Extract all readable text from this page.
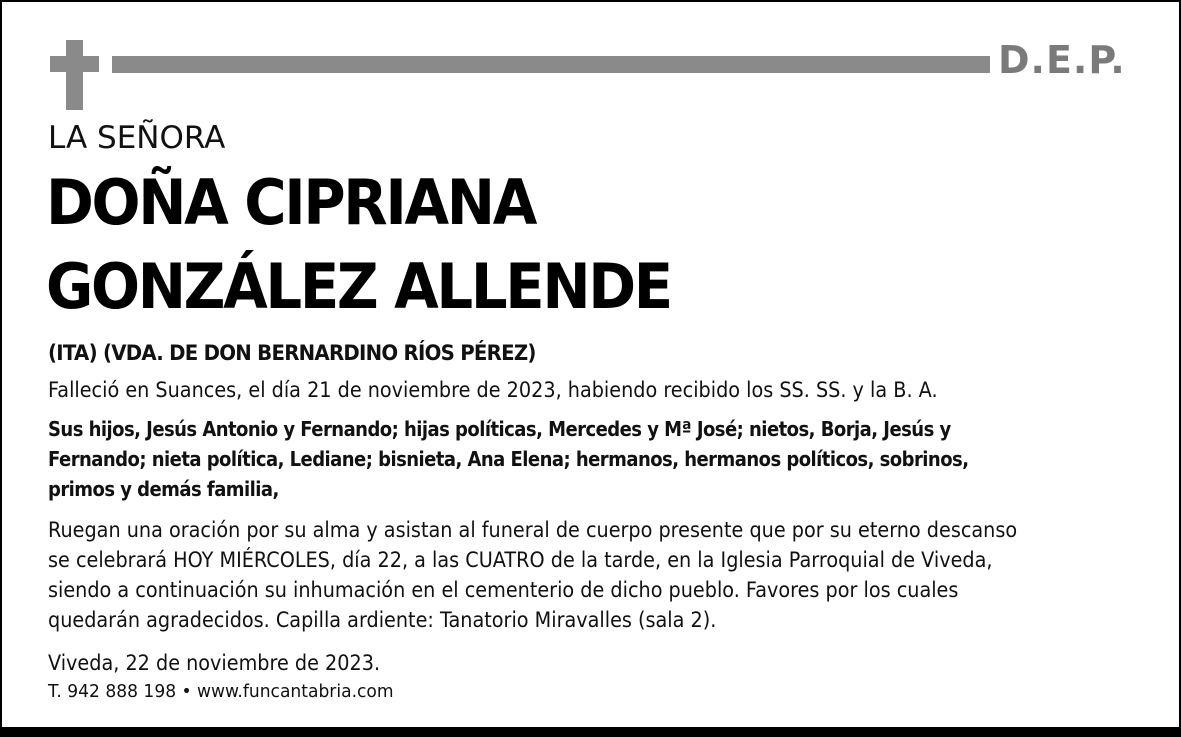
D.E.P.
LA SEÑORA
DOÑA CIPRIANA
GONZÁLEZ ALLENDE
(ITA) (VDA. DE DON BERNARDINO RÍOS PÉREZ)
Falleció en Suances, el día 21 de noviembre de 2023, habiendo recibido los SS. SS. y la B. A.
Sus hijos, Jesús Antonio y Fernando; hijas políticas, Mercedes y Mª José; nietos, Borja, Jesús y
Fernando; nieta política, Lediane; bisnieta, Ana Elena; hermanos, hermanos políticos, sobrinos,
primos y demás familia,
Ruegan una oración por su alma y asistan al funeral de cuerpo presente que por su eterno descanso
se celebrará HOY MIÉRCOLES, día 22, a las CUATRO de la tarde, en la Iglesia Parroquial de Viveda,
siendo a continuación su inhumación en el cementerio de dicho pueblo. Favores por los cuales
quedarán agradecidos. Capilla ardiente: Tanatorio Miravalles (sala 2).
Viveda, 22 de noviembre de 2023.
T. 942 888 198 • www.funcantabria.com
